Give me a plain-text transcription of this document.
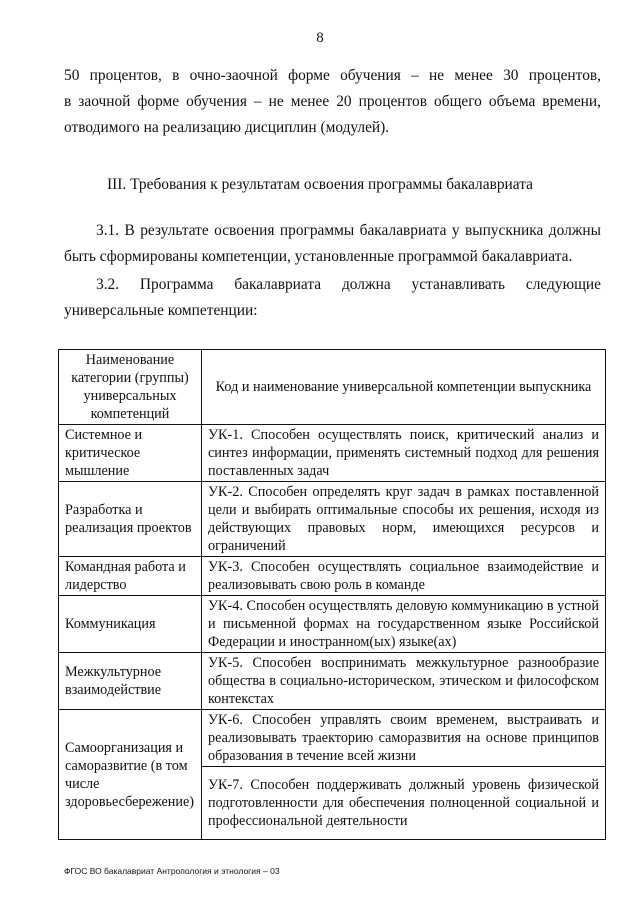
8
50 процентов, в очно-заочной форме обучения – не менее 30 процентов,
в заочной форме обучения – не менее 20 процентов общего объема времени,
отводимого на реализацию дисциплин (модулей).
III. Требования к результатам освоения программы бакалавриата
3.1. В результате освоения программы бакалавриата у выпускника должны
быть сформированы компетенции, установленные программой бакалавриата.
3.2. Программа бакалавриата должна устанавливать следующие
универсальные компетенции:
Наименование категории (группы) универсальных компетенций	Код и наименование универсальной компетенции выпускника
Системное и критическое мышление	УК-1. Способен осуществлять поиск, критический анализ и синтез информации, применять системный подход для решения поставленных задач
Разработка и реализация проектов	УК-2. Способен определять круг задач в рамках поставленной цели и выбирать оптимальные способы их решения, исходя из действующих правовых норм, имеющихся ресурсов и ограничений
Командная работа и лидерство	УК-3. Способен осуществлять социальное взаимодействие и реализовывать свою роль в команде
Коммуникация	УК-4. Способен осуществлять деловую коммуникацию в устной и письменной формах на государственном языке Российской Федерации и иностранном(ых) языке(ах)
Межкультурное взаимодействие	УК-5. Способен воспринимать межкультурное разнообразие общества в социально-историческом, этическом и философском контекстах
Самоорганизация и саморазвитие (в том числе здоровьесбережение)	УК-6. Способен управлять своим временем, выстраивать и реализовывать траекторию саморазвития на основе принципов образования в течение всей жизни
	УК-7. Способен поддерживать должный уровень физической подготовленности для обеспечения полноценной социальной и профессиональной деятельности
ФГОС ВО бакалавриат Антропология и этнология – 03
